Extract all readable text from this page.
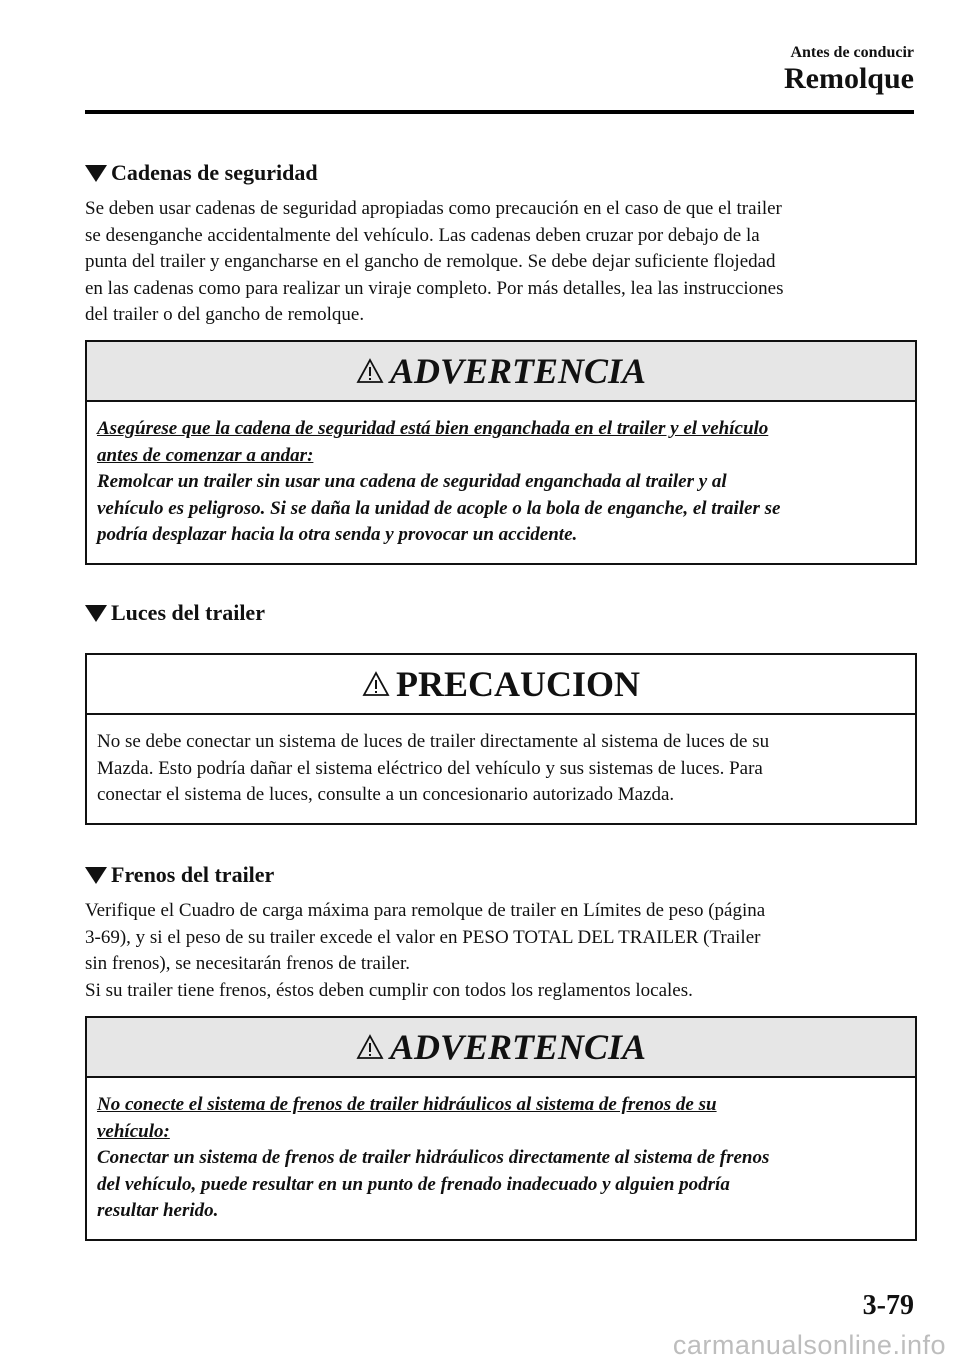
Antes de conducir
Remolque
Cadenas de seguridad

Se deben usar cadenas de seguridad apropiadas como precaución en el caso de que el trailer
se desenganche accidentalmente del vehículo. Las cadenas deben cruzar por debajo de la
punta del trailer y engancharse en el gancho de remolque. Se debe dejar suficiente flojedad
en las cadenas como para realizar un viraje completo. Por más detalles, lea las instrucciones
del trailer o del gancho de remolque.

ADVERTENCIA
Asegúrese que la cadena de seguridad está bien enganchada en el trailer y el vehículo
antes de comenzar a andar:
Remolcar un trailer sin usar una cadena de seguridad enganchada al trailer y al
vehículo es peligroso. Si se daña la unidad de acople o la bola de enganche, el trailer se
podría desplazar hacia la otra senda y provocar un accidente.
Luces del trailer
PRECAUCION
No se debe conectar un sistema de luces de trailer directamente al sistema de luces de su
Mazda. Esto podría dañar el sistema eléctrico del vehículo y sus sistemas de luces. Para
conectar el sistema de luces, consulte a un concesionario autorizado Mazda.
Frenos del trailer

Verifique el Cuadro de carga máxima para remolque de trailer en Límites de peso (página
3-69), y si el peso de su trailer excede el valor en PESO TOTAL DEL TRAILER (Trailer
sin frenos), se necesitarán frenos de trailer.
Si su trailer tiene frenos, éstos deben cumplir con todos los reglamentos locales.

ADVERTENCIA
No conecte el sistema de frenos de trailer hidráulicos al sistema de frenos de su
vehículo:
Conectar un sistema de frenos de trailer hidráulicos directamente al sistema de frenos
del vehículo, puede resultar en un punto de frenado inadecuado y alguien podría
resultar herido.
3-79
carmanualsonline.info
